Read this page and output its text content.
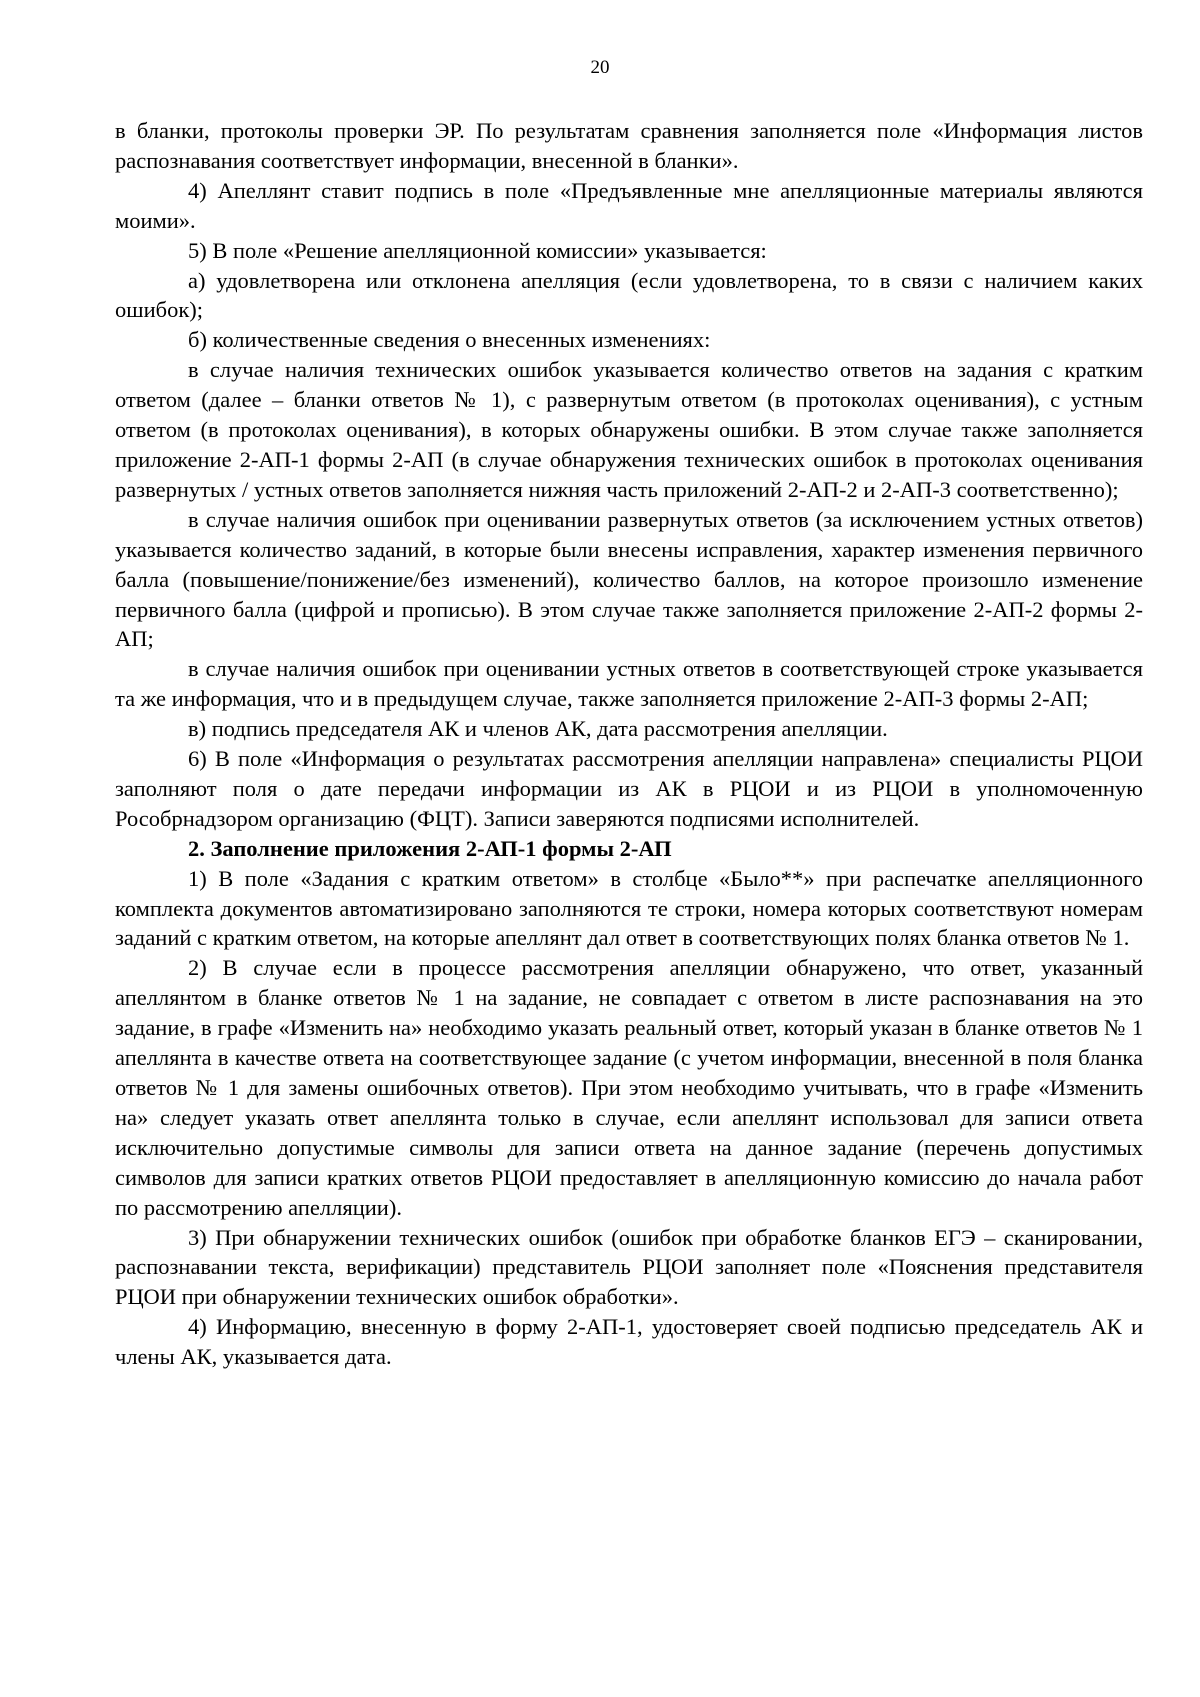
20

в бланки, протоколы проверки ЭР. По результатам сравнения заполняется поле «Информация листов распознавания соответствует информации, внесенной в бланки».

4) Апеллянт ставит подпись в поле «Предъявленные мне апелляционные материалы являются моими».

5) В поле «Решение апелляционной комиссии» указывается:

а) удовлетворена или отклонена апелляция (если удовлетворена, то в связи с наличием каких ошибок);

б) количественные сведения о внесенных изменениях:

в случае наличия технических ошибок указывается количество ответов на задания с кратким ответом (далее – бланки ответов № 1), с развернутым ответом (в протоколах оценивания), с устным ответом (в протоколах оценивания), в которых обнаружены ошибки. В этом случае также заполняется приложение 2-АП-1 формы 2-АП (в случае обнаружения технических ошибок в протоколах оценивания развернутых / устных ответов заполняется нижняя часть приложений 2-АП-2 и 2-АП-3 соответственно);

в случае наличия ошибок при оценивании развернутых ответов (за исключением устных ответов) указывается количество заданий, в которые были внесены исправления, характер изменения первичного балла (повышение/понижение/без изменений), количество баллов, на которое произошло изменение первичного балла (цифрой и прописью). В этом случае также заполняется приложение 2-АП-2 формы 2-АП;

в случае наличия ошибок при оценивании устных ответов в соответствующей строке указывается та же информация, что и в предыдущем случае, также заполняется приложение 2-АП-3 формы 2-АП;

в) подпись председателя АК и членов АК, дата рассмотрения апелляции.

6) В поле «Информация о результатах рассмотрения апелляции направлена» специалисты РЦОИ заполняют поля о дате передачи информации из АК в РЦОИ и из РЦОИ в уполномоченную Рособрнадзором организацию (ФЦТ). Записи заверяются подписями исполнителей.

2. Заполнение приложения 2-АП-1 формы 2-АП

1) В поле «Задания с кратким ответом» в столбце «Было**» при распечатке апелляционного комплекта документов автоматизировано заполняются те строки, номера которых соответствуют номерам заданий с кратким ответом, на которые апеллянт дал ответ в соответствующих полях бланка ответов № 1.

2) В случае если в процессе рассмотрения апелляции обнаружено, что ответ, указанный апеллянтом в бланке ответов № 1 на задание, не совпадает с ответом в листе распознавания на это задание, в графе «Изменить на» необходимо указать реальный ответ, который указан в бланке ответов № 1 апеллянта в качестве ответа на соответствующее задание (с учетом информации, внесенной в поля бланка ответов № 1 для замены ошибочных ответов). При этом необходимо учитывать, что в графе «Изменить на» следует указать ответ апеллянта только в случае, если апеллянт использовал для записи ответа исключительно допустимые символы для записи ответа на данное задание (перечень допустимых символов для записи кратких ответов РЦОИ предоставляет в апелляционную комиссию до начала работ по рассмотрению апелляции).

3) При обнаружении технических ошибок (ошибок при обработке бланков ЕГЭ – сканировании, распознавании текста, верификации) представитель РЦОИ заполняет поле «Пояснения представителя РЦОИ при обнаружении технических ошибок обработки».

4) Информацию, внесенную в форму 2-АП-1, удостоверяет своей подписью председатель АК и члены АК, указывается дата.
